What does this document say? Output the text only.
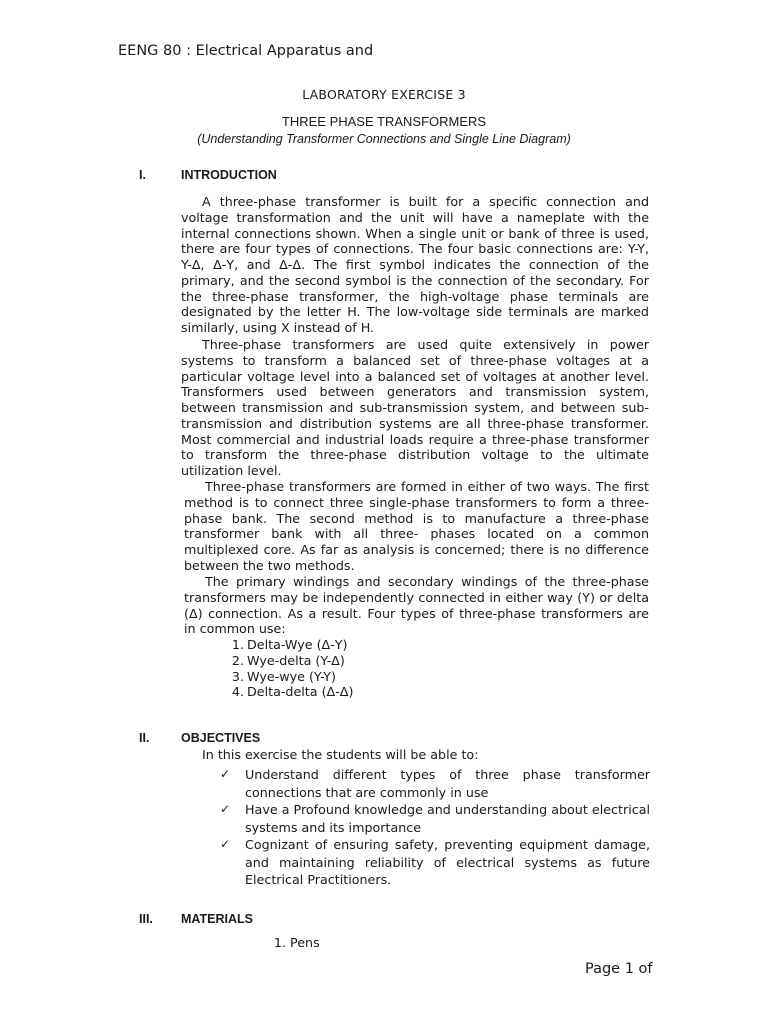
EENG 80 : Electrical Apparatus and
LABORATORY EXERCISE 3
THREE PHASE TRANSFORMERS
(Understanding Transformer Connections and Single Line Diagram)
I.	INTRODUCTION

A three-phase transformer is built for a specific connection and voltage transformation and the unit will have a nameplate with the internal connections shown. When a single unit or bank of three is used, there are four types of connections. The four basic connections are: Y-Y, Y-Δ, Δ-Y, and Δ-Δ. The first symbol indicates the connection of the primary, and the second symbol is the connection of the secondary. For the three-phase transformer, the high-voltage phase terminals are designated by the letter H. The low-voltage side terminals are marked similarly, using X instead of H.

Three-phase transformers are used quite extensively in power systems to transform a balanced set of three-phase voltages at a particular voltage level into a balanced set of voltages at another level. Transformers used between generators and transmission system, between transmission and sub-transmission system, and between sub-transmission and distribution systems are all three-phase transformer. Most commercial and industrial loads require a three-phase transformer to transform the three-phase distribution voltage to the ultimate utilization level.

Three-phase transformers are formed in either of two ways. The first method is to connect three single-phase transformers to form a three-phase bank. The second method is to manufacture a three-phase transformer bank with all three- phases located on a common multiplexed core. As far as analysis is concerned; there is no difference between the two methods.

The primary windings and secondary windings of the three-phase transformers may be independently connected in either way (Y) or delta (Δ) connection. As a result. Four types of three-phase transformers are in common use:

1. Delta-Wye (Δ-Y)
2. Wye-delta (Y-Δ)
3. Wye-wye (Y-Y)
4. Delta-delta (Δ-Δ)
II.	OBJECTIVES
In this exercise the students will be able to:
✓	Understand different types of three phase transformer connections that are commonly in use
✓	Have a Profound knowledge and understanding about electrical systems and its importance
✓	Cognizant of ensuring safety, preventing equipment damage, and maintaining reliability of electrical systems as future Electrical Practitioners.
III. MATERIALS
1. Pens
Page 1 of
